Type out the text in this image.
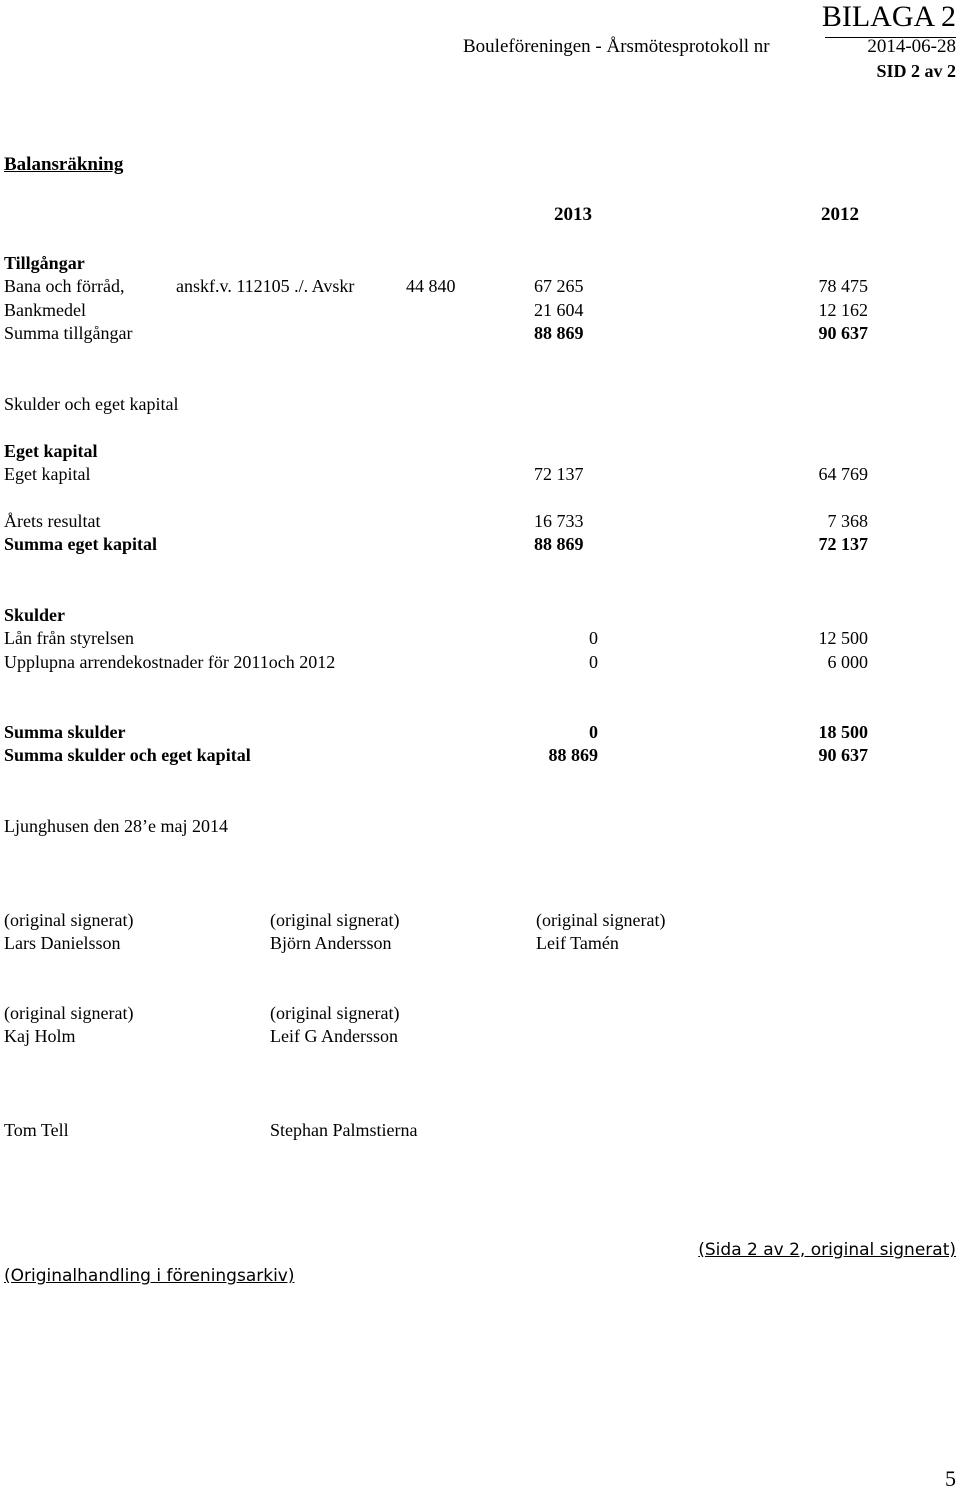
BILAGA 2
Bouleföreningen - Årsmötesprotokoll nr	2014-06-28
SID 2 av 2
Balansräkning
2013	2012
Tillgångar
Bana och förråd,	anskf.v. 112105 ./. Avskr	44 840	67 265	78 475
Bankmedel	21 604	12 162
Summa tillgångar	88 869	90 637
Skulder och eget kapital
Eget kapital
Eget kapital	72 137	64 769
Årets resultat	16 733	7 368
Summa eget kapital	88 869	72 137
Skulder
Lån från styrelsen	0	12 500
Upplupna arrendekostnader för 2011och 2012	0	6 000
Summa skulder	0	18 500
Summa skulder och eget kapital	88 869	90 637
Ljunghusen den 28’e maj 2014
(original signerat)	(original signerat)	(original signerat)
Lars Danielsson	Björn Andersson	Leif Tamén
(original signerat)	(original signerat)
Kaj Holm	Leif G Andersson
Tom Tell	Stephan Palmstierna
(Originalhandling i föreningsarkiv)
(Sida 2 av 2, original signerat)
5
